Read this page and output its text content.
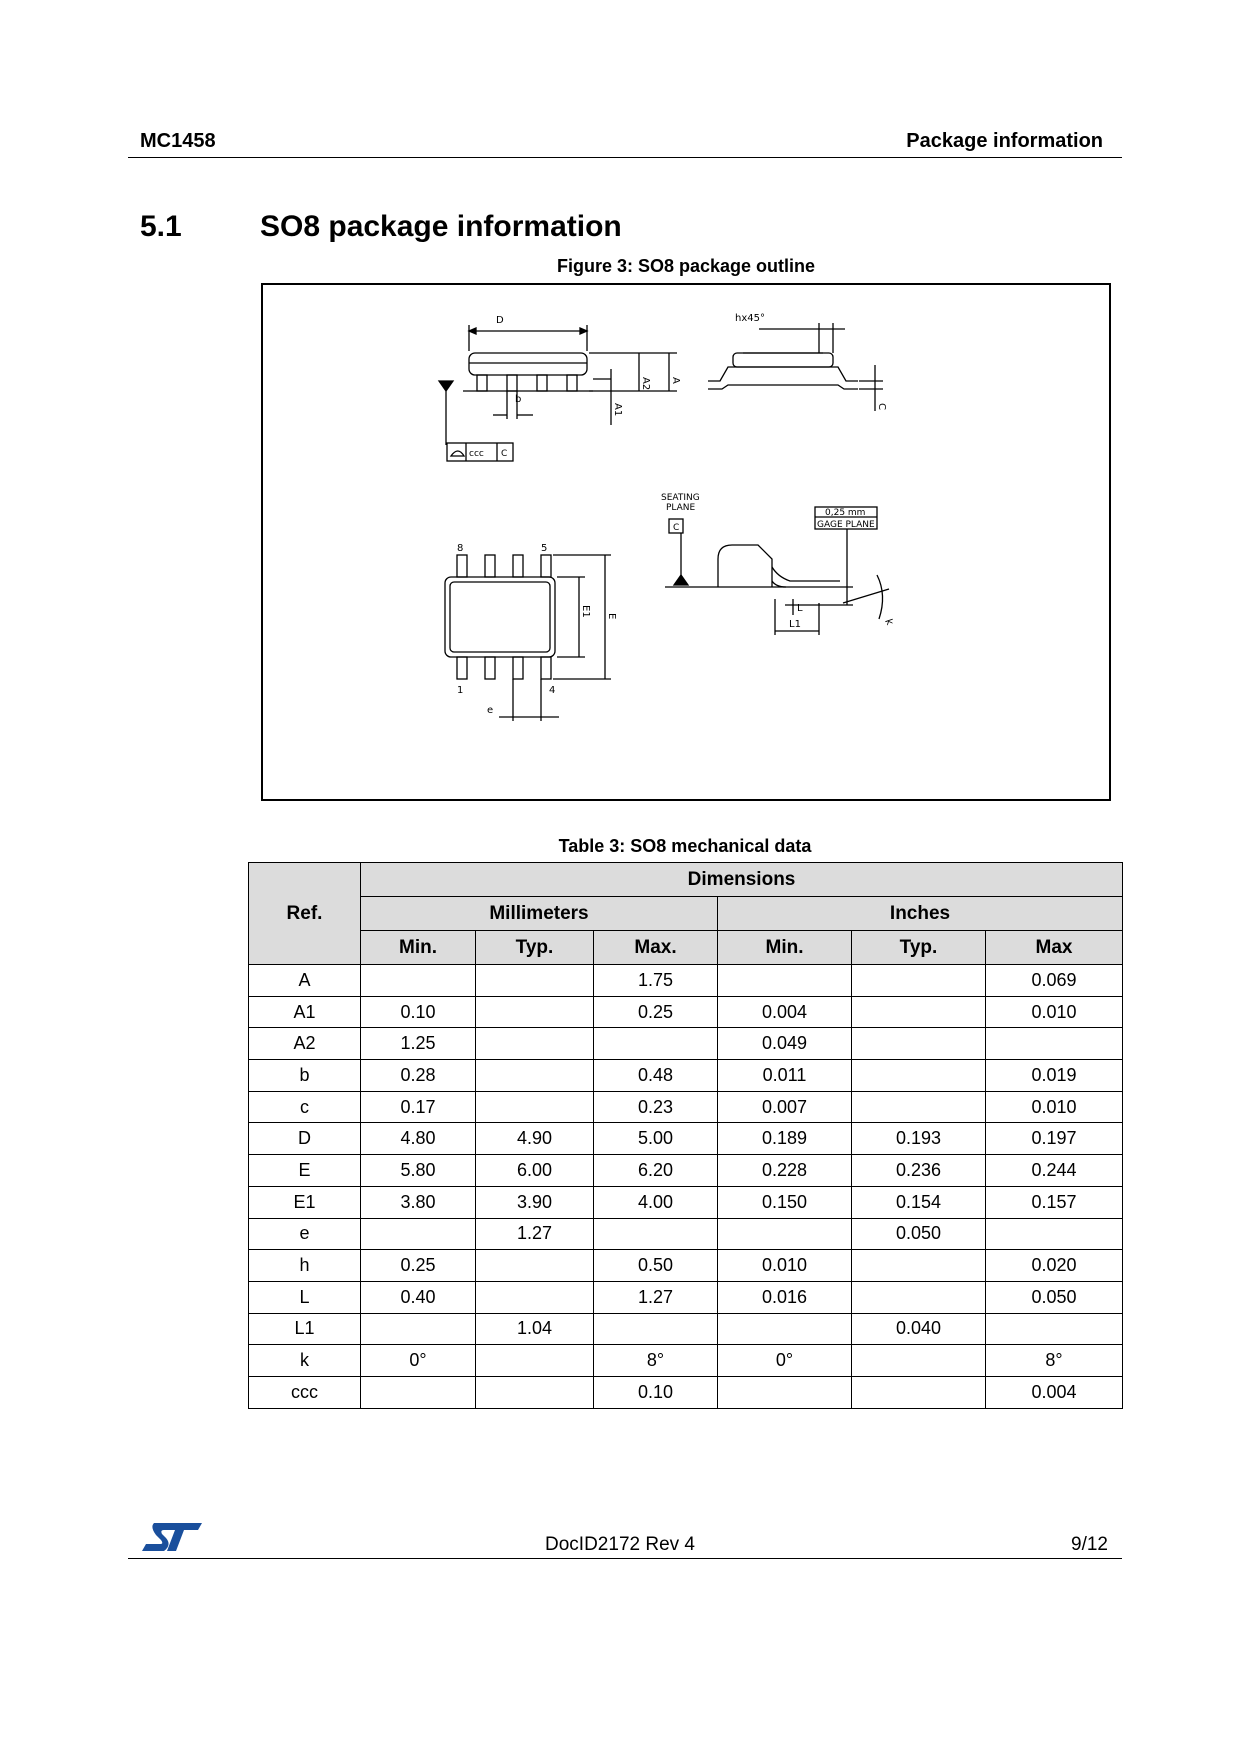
MC1458	Package information
5.1	SO8 package information
Figure 3: SO8 package outline
D
A2 A
b
A1
hx45°
C
ccc C
SEATING
PLANE
C
0,25 mm
GAGE PLANE
L
L1	k
8	5
1	4
E1 E
e
Table 3: SO8 mechanical data
Ref.	Dimensions					
	Millimeters			Inches		
	Min.	Typ.	Max.	Min.	Typ.	Max
A			1.75			0.069
A1	0.10		0.25	0.004		0.010
A2	1.25			0.049		
b	0.28		0.48	0.011		0.019
c	0.17		0.23	0.007		0.010
D	4.80	4.90	5.00	0.189	0.193	0.197
E	5.80	6.00	6.20	0.228	0.236	0.244
E1	3.80	3.90	4.00	0.150	0.154	0.157
e		1.27			0.050	
h	0.25		0.50	0.010		0.020
L	0.40		1.27	0.016		0.050
L1		1.04			0.040	
k	0°		8°	0°		8°
ccc			0.10			0.004
DocID2172 Rev 4	9/12
